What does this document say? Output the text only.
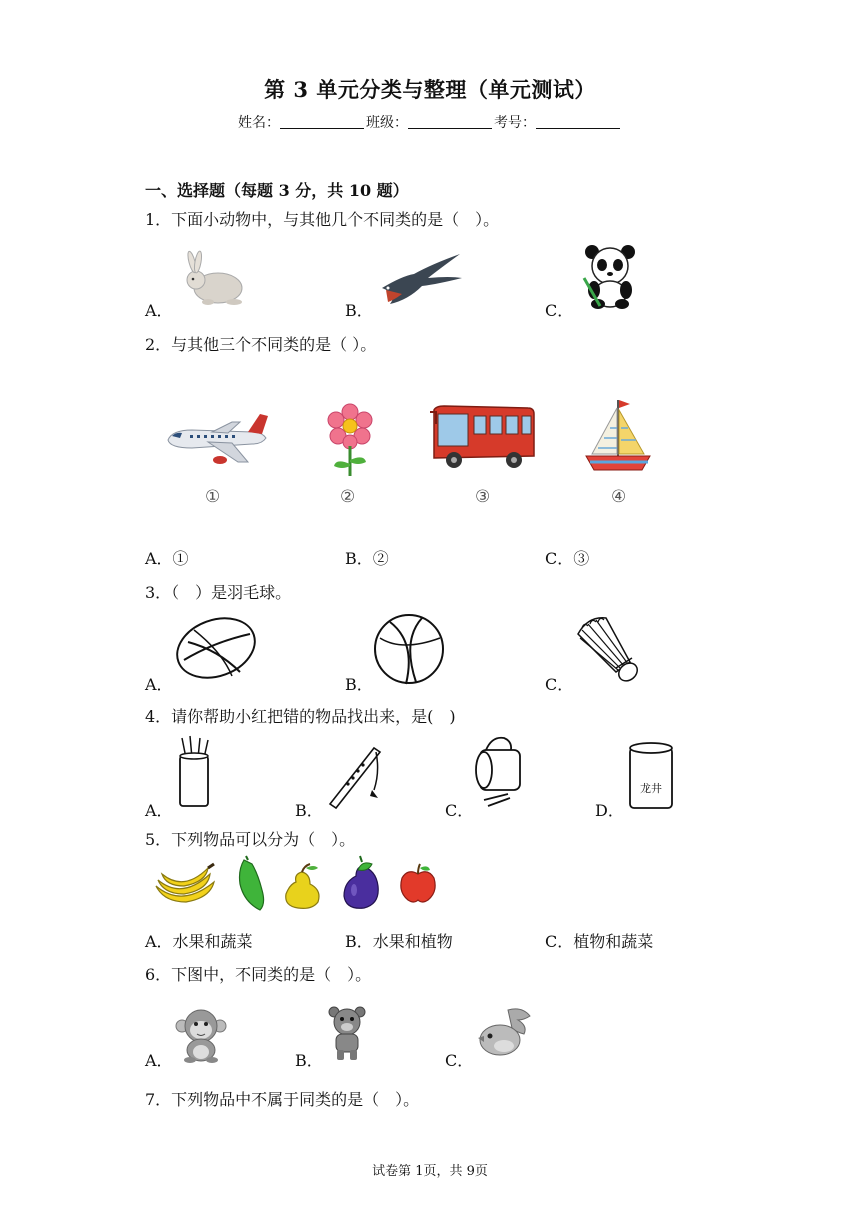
第 3 单元分类与整理（单元测试）
姓名：	班级：	考号：
一、选择题（每题 3 分，共 10 题）
1．下面小动物中，与其他几个不同类的是（　）。
A．	B．	C．
2．与其他三个不同类的是（ ）。
①	②	③	④
A．①	B．②	C．③
3．（　）是羽毛球。
A．	B．	C．
4．请你帮助小红把错的物品找出来，是(　)
A．	B．	C．	D．
龙井
5．下列物品可以分为（　）。
A．水果和蔬菜	B．水果和植物	C．植物和蔬菜
6．下图中，不同类的是（　）。
A．	B．	C．
7．下列物品中不属于同类的是（　）。
试卷第 1页，共 9页
